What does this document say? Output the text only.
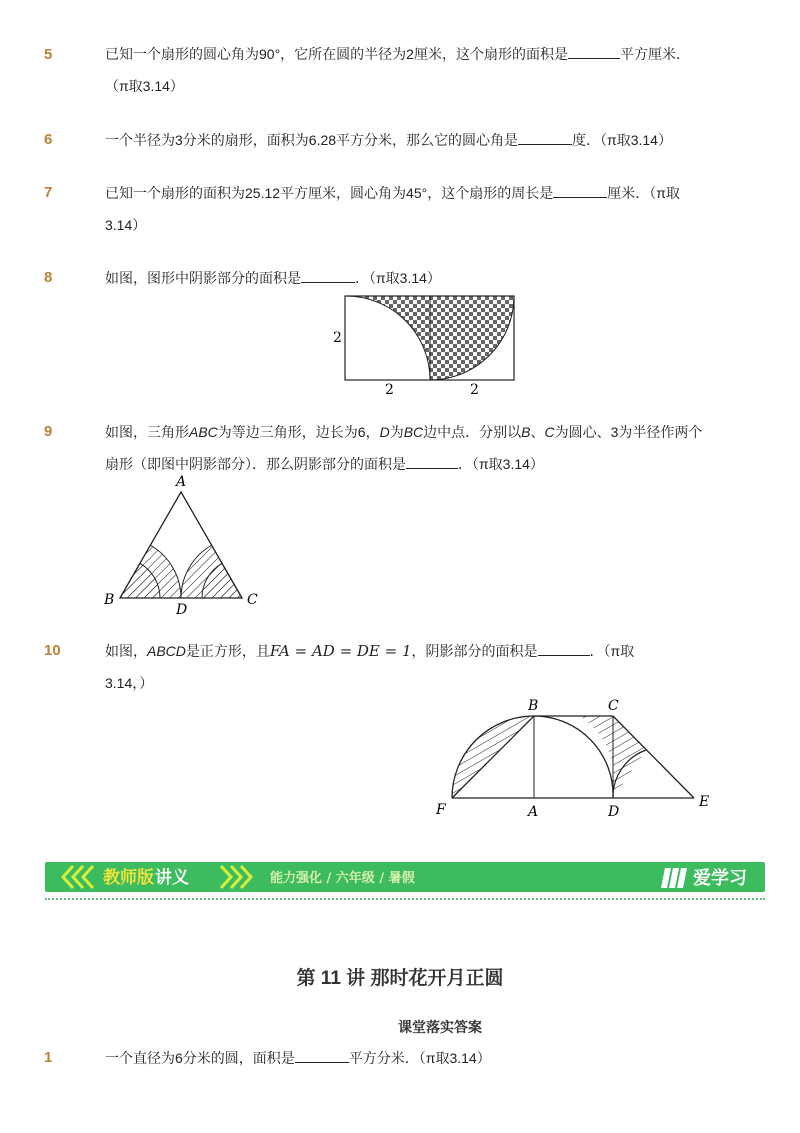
5	已知一个扇形的圆心角为90°，它所在圆的半径为2厘米，这个扇形的面积是	平方厘米．
（π取3.14）
6	一个半径为3分米的扇形，面积为6.28平方分米，那么它的圆心角是	度．（π取3.14）
7	已知一个扇形的面积为25.12平方厘米，圆心角为45°，这个扇形的周长是	厘米．（π取
3.14）
8	如图，图形中阴影部分的面积是	．（π取3.14）
2
2	2
9	如图，三角形ABC为等边三角形，边长为6，D为BC边中点．分别以B、C为圆心、3为半径作两个
扇形（即图中阴影部分）．那么阴影部分的面积是	．（π取3.14）
A
B	C
D
10	如图，ABCD是正方形，且FA = AD = DE = 1，阴影部分的面积是	．（π取
3.14，）
B	C
F	A	D
E
教师版 讲义	能力强化 / 六年级 / 暑假	爱学习
第 11 讲 那时花开月正圆
课堂落实答案
1	一个直径为6分米的圆，面积是	平方分米．（π取3.14）
